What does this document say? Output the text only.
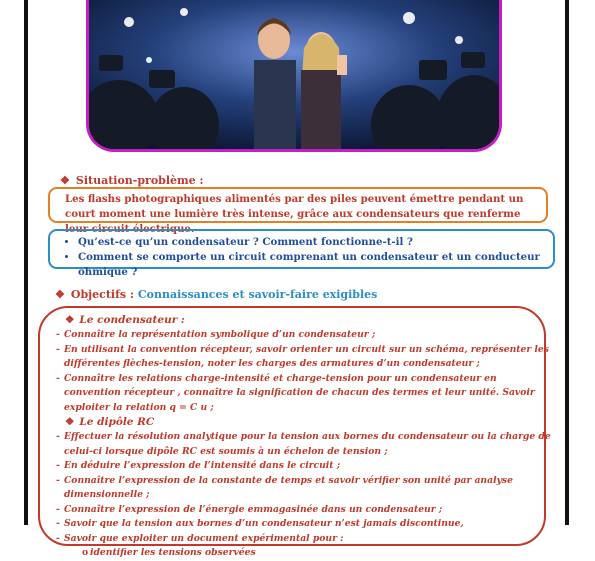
❖ Situation-problème :
Les flashs photographiques alimentés par des piles peuvent émettre pendant un court moment une lumière très intense, grâce aux condensateurs que renferme leur circuit électrique.
• Qu’est-ce qu’un condensateur ? Comment fonctionne-t-il ?
• Comment se comporte un circuit comprenant un condensateur et un conducteur ohmique ?
❖ Objectifs : Connaissances et savoir-faire exigibles
❖ Le condensateur :
- Connaître la représentation symbolique d’un condensateur ;
- En utilisant la convention récepteur, savoir orienter un circuit sur un schéma, représenter les différentes flèches-tension, noter les charges des armatures d’un condensateur ;
- Connaître les relations charge-intensité et charge-tension pour un condensateur en convention récepteur , connaître la signification de chacun des termes et leur unité. Savoir exploiter la relation q = C u ;
❖ Le dipôle RC
- Effectuer la résolution analytique pour la tension aux bornes du condensateur ou la charge de celui-ci lorsque dipôle RC est soumis à un échelon de tension ;
- En déduire l’expression de l’intensité dans le circuit ;
- Connaître l’expression de la constante de temps et savoir vérifier son unité par analyse dimensionnelle ;
- Connaître l’expression de l’énergie emmagasinée dans un condensateur ;
- Savoir que la tension aux bornes d’un condensateur n’est jamais discontinue,
- Savoir que exploiter un document expérimental pour :
o identifier les tensions observées
